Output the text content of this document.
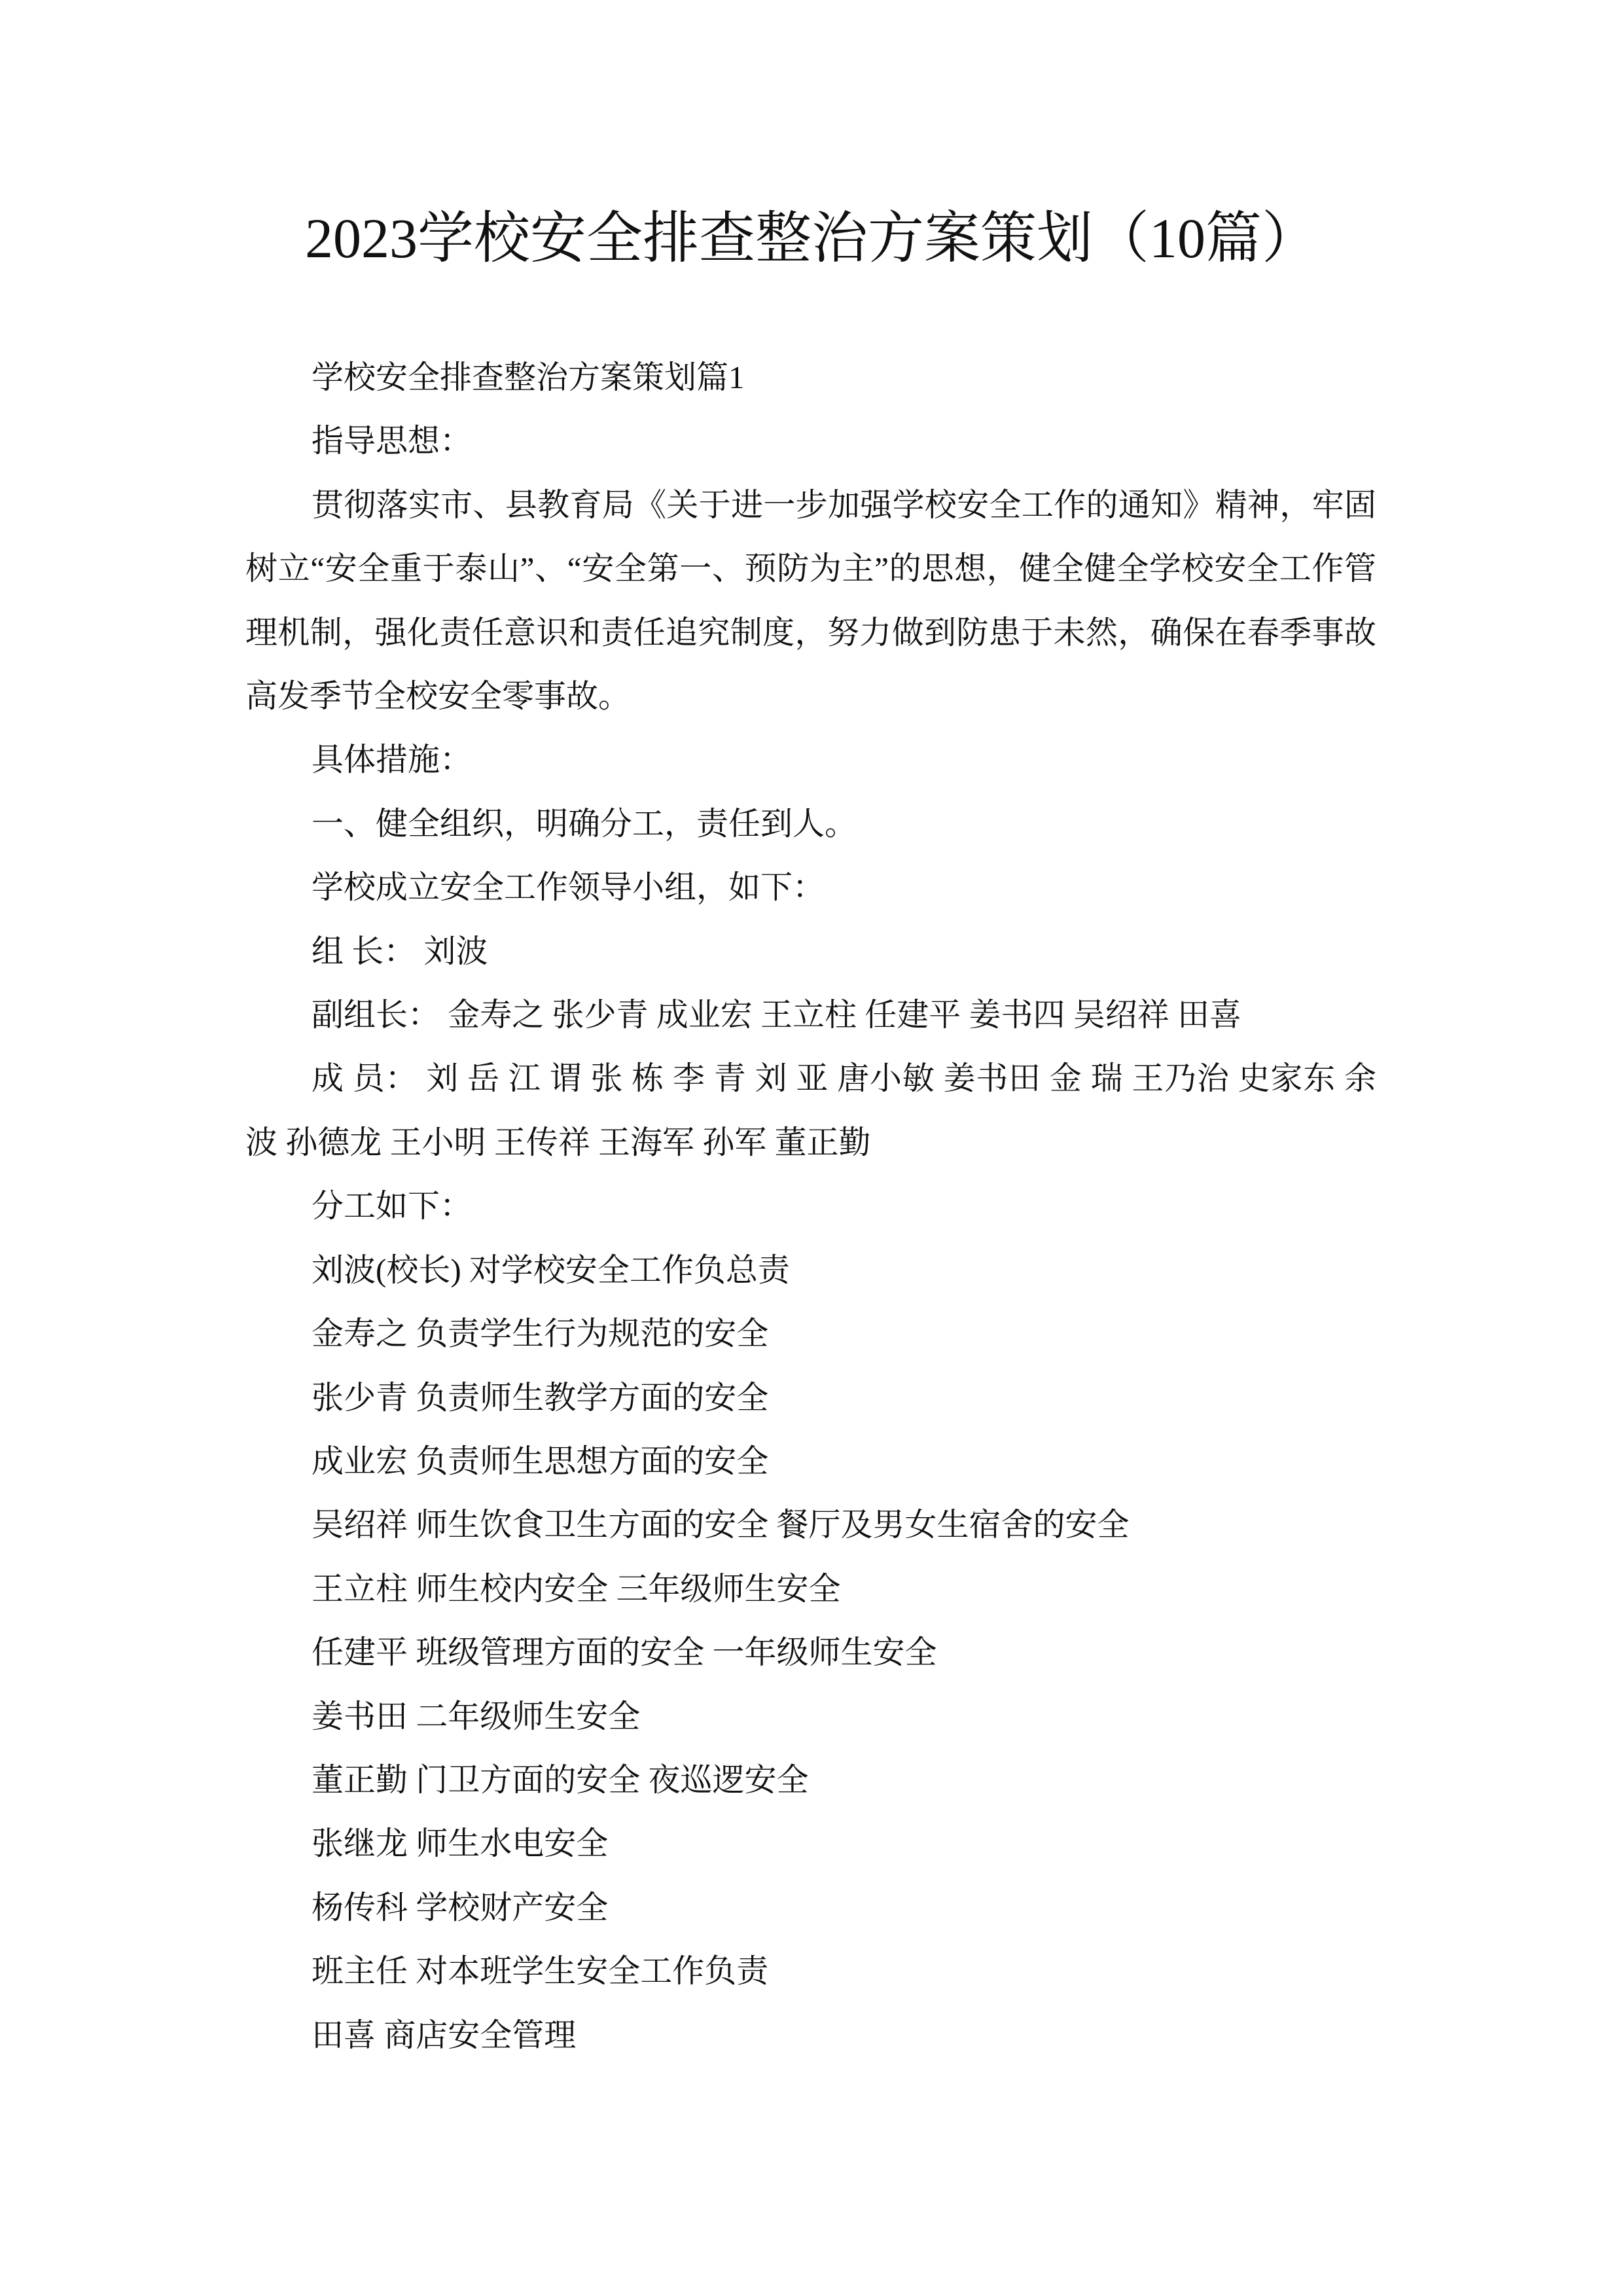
2023学校安全排查整治方案策划（10篇）

学校安全排查整治方案策划篇1

指导思想：

贯彻落实市、县教育局《关于进一步加强学校安全工作的通知》精神，牢固树立“安全重于泰山”、“安全第一、预防为主”的思想，健全健全学校安全工作管理机制，强化责任意识和责任追究制度，努力做到防患于未然，确保在春季事故高发季节全校安全零事故。

具体措施：

一、健全组织，明确分工，责任到人。

学校成立安全工作领导小组，如下：

组 长： 刘波

副组长： 金寿之 张少青 成业宏 王立柱 任建平 姜书四 吴绍祥 田喜

成 员： 刘 岳 江 谓 张 栋 李 青 刘 亚 唐小敏 姜书田 金 瑞 王乃治 史家东 余波 孙德龙 王小明 王传祥 王海军 孙军 董正勤

分工如下：

刘波(校长) 对学校安全工作负总责

金寿之 负责学生行为规范的安全

张少青 负责师生教学方面的安全

成业宏 负责师生思想方面的安全

吴绍祥 师生饮食卫生方面的安全 餐厅及男女生宿舍的安全

王立柱 师生校内安全 三年级师生安全

任建平 班级管理方面的安全 一年级师生安全

姜书田 二年级师生安全

董正勤 门卫方面的安全 夜巡逻安全

张继龙 师生水电安全

杨传科 学校财产安全

班主任 对本班学生安全工作负责

田喜 商店安全管理
